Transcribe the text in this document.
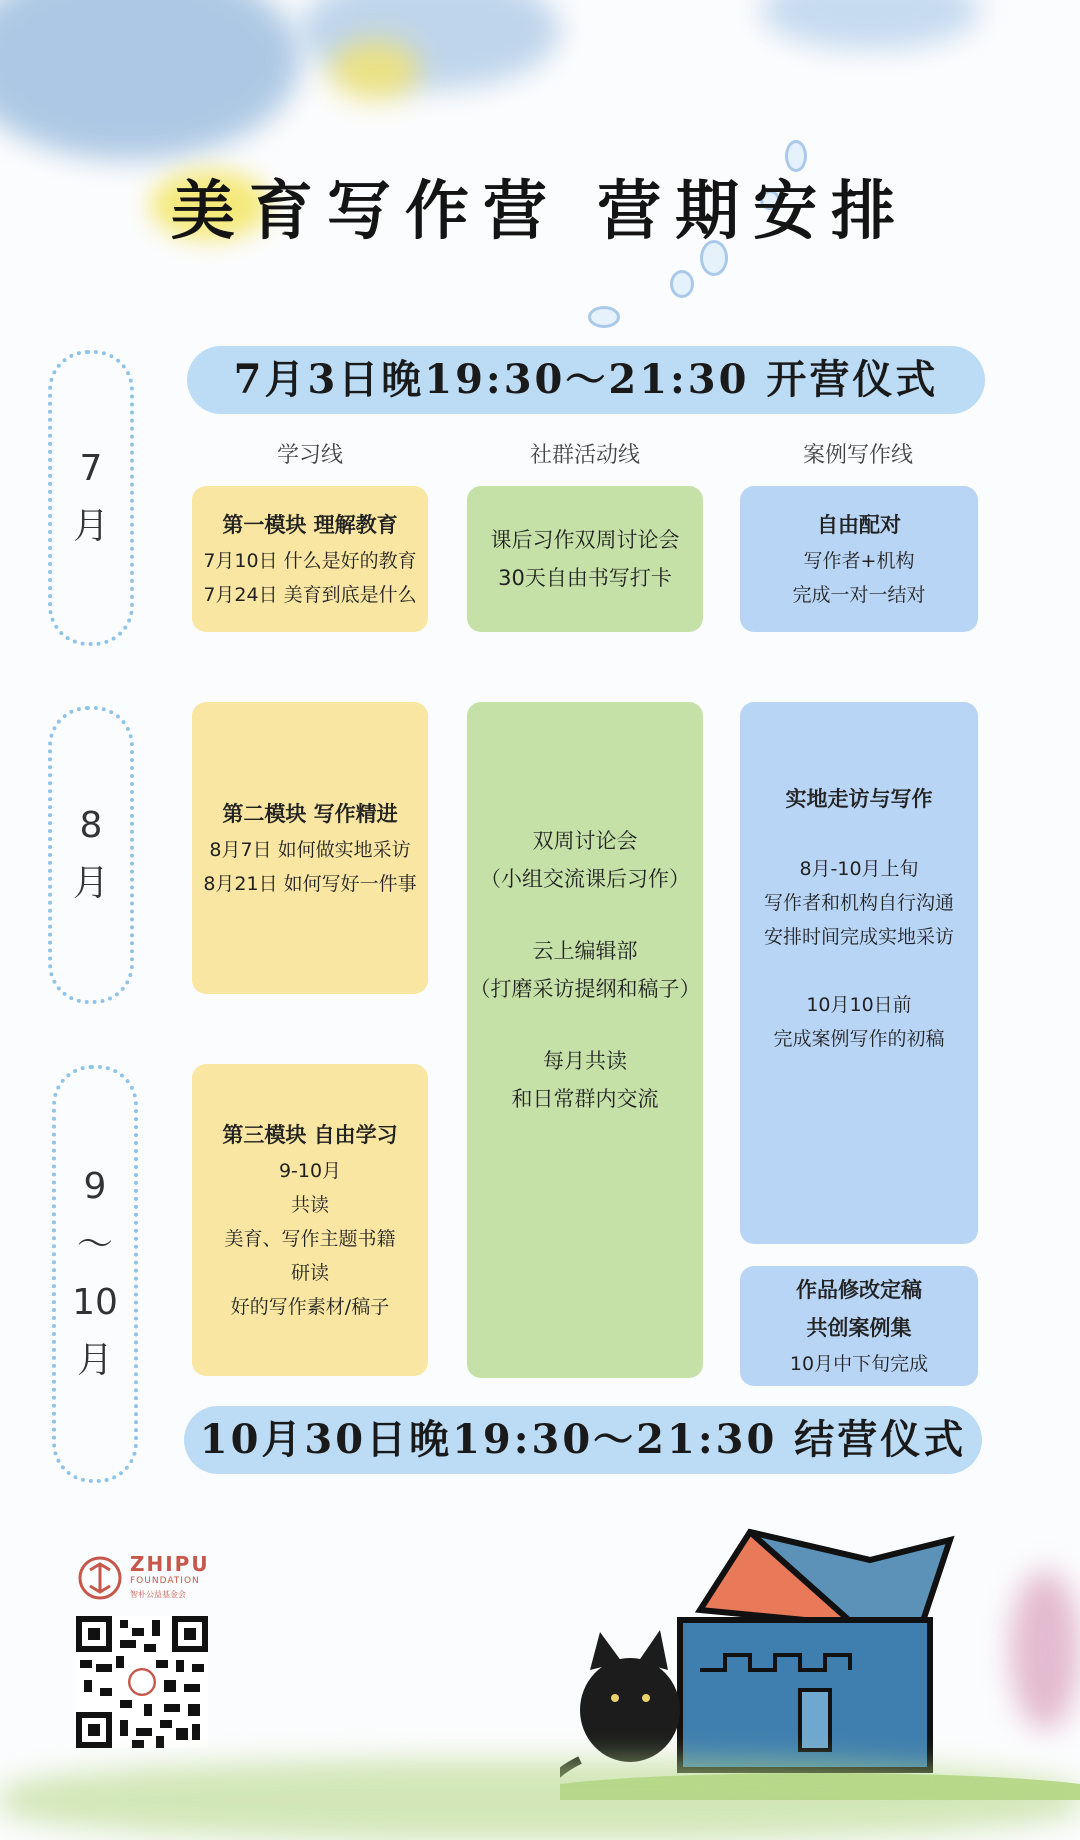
美育写作营 营期安排
7月3日晚19:30～21:30 开营仪式
7
月
8
月
9
～
10
月
学习线	社群活动线	案例写作线
第一模块 理解教育
7月10日 什么是好的教育
7月24日 美育到底是什么
第二模块 写作精进
8月7日 如何做实地采访
8月21日 如何写好一件事
第三模块 自由学习
9-10月
共读
美育、写作主题书籍
研读
好的写作素材/稿子
课后习作双周讨论会
30天自由书写打卡
双周讨论会
（小组交流课后习作）
云上编辑部
（打磨采访提纲和稿子）
每月共读
和日常群内交流
自由配对
写作者+机构
完成一对一结对
实地走访与写作
8月-10月上旬
写作者和机构自行沟通
安排时间完成实地采访
10月10日前
完成案例写作的初稿
作品修改定稿
共创案例集
10月中下旬完成
10月30日晚19:30～21:30 结营仪式
ZHIPU
FOUNDATION
智朴公益基金会
